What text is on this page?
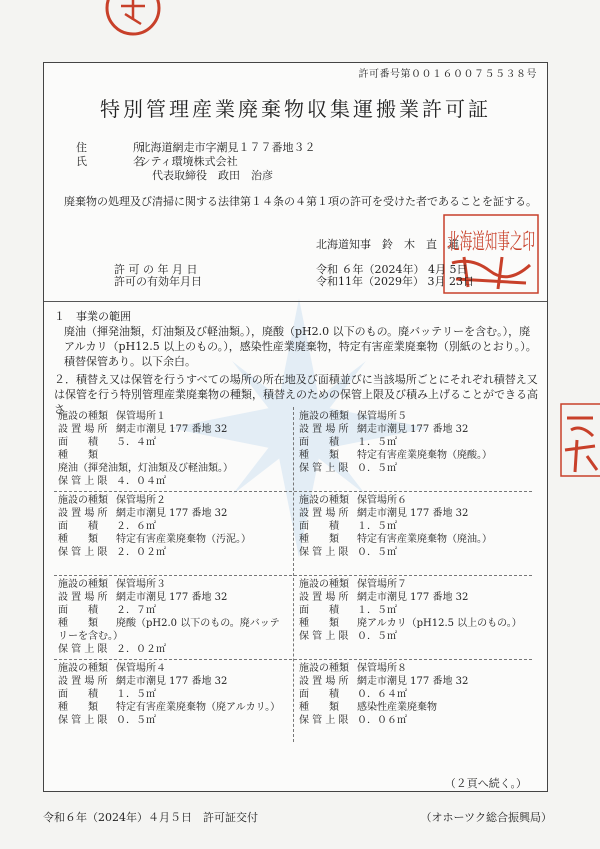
許可番号第００１６００７５５３８号
特別管理産業廃棄物収集運搬業許可証
住　　所 北海道網走市字潮見１７７番地３２
氏　　名 シティ環境株式会社
代表取締役　政田　治彦
廃棄物の処理及び清掃に関する法律第１４条の４第１項の許可を受けた者であることを証する。
北海道知事　鈴　木　直　道
北海道知事之印
許 可 の 年 月 日	令和 ６年（2024年） 4月 5日
許可の有効年月日	令和11年（2029年） 3月 23日
１　事業の範囲
廃油（揮発油類，灯油類及び軽油類。），廃酸（pH2.0 以下のもの。廃バッテリーを含む。），廃アルカリ（pH12.5 以上のもの。），感染性産業廃棄物，特定有害産業廃棄物（別紙のとおり。）。積替保管あり。以下余白。
２．積替え又は保管を行うすべての場所の所在地及び面積並びに当該場所ごとにそれぞれ積替え又は保管を行う特別管理産業廃棄物の種類，積替えのための保管上限及び積み上げることができる高さ
施設の種類 保管場所１
設 置 場 所 網走市潮見 177 番地 32
面　　積 ５．４㎡
種　　類廃油（揮発油類，灯油類及び軽油類。）
保 管 上 限 ４．０４㎡
施設の種類 保管場所２
設 置 場 所 網走市潮見 177 番地 32
面　　積 ２．６㎡
種　　類 特定有害産業廃棄物（汚泥。）
保 管 上 限 ２．０２㎡
施設の種類 保管場所３
設 置 場 所 網走市潮見 177 番地 32
面　　積 ２．７㎡
種　　類 廃酸（pH2.0 以下のもの。廃バッテリーを含む。）
保 管 上 限 ２．０２㎡
施設の種類 保管場所４
設 置 場 所 網走市潮見 177 番地 32
面　　積 １．５㎡
種　　類 特定有害産業廃棄物（廃アルカリ。）
保 管 上 限 ０．５㎡
施設の種類 保管場所５
設 置 場 所 網走市潮見 177 番地 32
面　　積 １．５㎡
種　　類 特定有害産業廃棄物（廃酸。）
保 管 上 限 ０．５㎡
施設の種類 保管場所６
設 置 場 所 網走市潮見 177 番地 32
面　　積 １．５㎡
種　　類 特定有害産業廃棄物（廃油。）
保 管 上 限 ０．５㎡
施設の種類 保管場所７
設 置 場 所 網走市潮見 177 番地 32
面　　積 １．５㎡
種　　類 廃アルカリ（pH12.5 以上のもの。）
保 管 上 限 ０．５㎡
施設の種類 保管場所８
設 置 場 所 網走市潮見 177 番地 32
面　　積 ０．６４㎡
種　　類 感染性産業廃棄物
保 管 上 限 ０．０６㎡
（２頁へ続く。）
令和６年（2024年）４月５日　許可証交付	（オホーツク総合振興局）
